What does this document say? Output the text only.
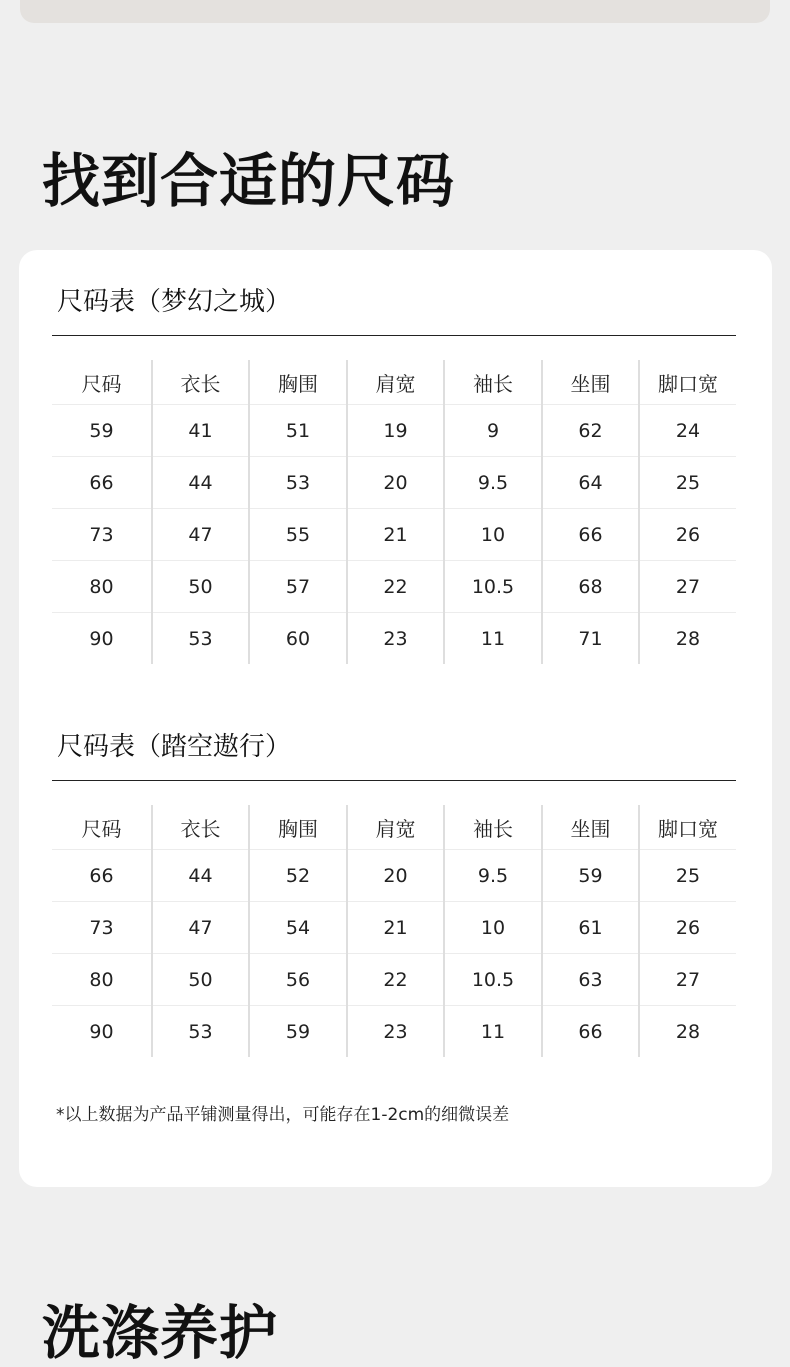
找到合适的尺码
尺码表（梦幻之城）
尺码	衣长	胸围	肩宽	袖长	坐围	脚口宽
59	41	51	19	9	62	24
66	44	53	20	9.5	64	25
73	47	55	21	10	66	26
80	50	57	22	10.5	68	27
90	53	60	23	11	71	28
尺码表（踏空遨行）
尺码	衣长	胸围	肩宽	袖长	坐围	脚口宽
66	44	52	20	9.5	59	25
73	47	54	21	10	61	26
80	50	56	22	10.5	63	27
90	53	59	23	11	66	28

*以上数据为产品平铺测量得出，可能存在1-2cm的细微误差

洗涤养护
